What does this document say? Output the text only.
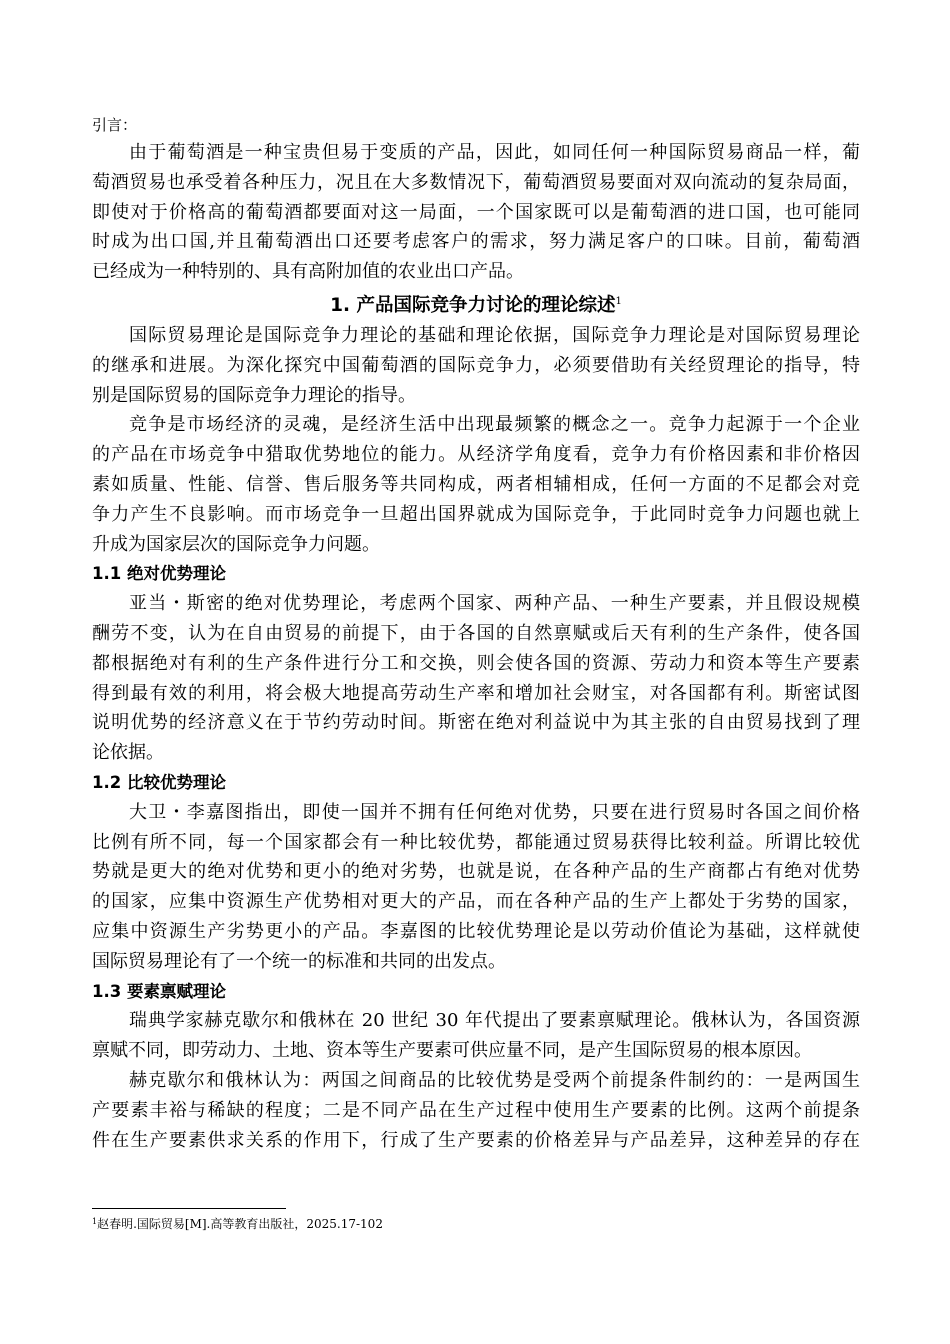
引言：
由于葡萄酒是一种宝贵但易于变质的产品，因此，如同任何一种国际贸易商品一样，葡
萄酒贸易也承受着各种压力，况且在大多数情况下，葡萄酒贸易要面对双向流动的复杂局面，
即使对于价格高的葡萄酒都要面对这一局面，一个国家既可以是葡萄酒的进口国，也可能同
时成为出口国,并且葡萄酒出口还要考虑客户的需求，努力满足客户的口味。目前，葡萄酒
已经成为一种特别的、具有高附加值的农业出口产品。
1. 产品国际竞争力讨论的理论综述$^1$
国际贸易理论是国际竞争力理论的基础和理论依据，国际竞争力理论是对国际贸易理论
的继承和进展。为深化探究中国葡萄酒的国际竞争力，必须要借助有关经贸理论的指导，特
别是国际贸易的国际竞争力理论的指导。
竞争是市场经济的灵魂，是经济生活中出现最频繁的概念之一。竞争力起源于一个企业
的产品在市场竞争中猎取优势地位的能力。从经济学角度看，竞争力有价格因素和非价格因
素如质量、性能、信誉、售后服务等共同构成，两者相辅相成，任何一方面的不足都会对竞
争力产生不良影响。而市场竞争一旦超出国界就成为国际竞争，于此同时竞争力问题也就上
升成为国家层次的国际竞争力问题。
1.1 绝对优势理论
亚当・斯密的绝对优势理论，考虑两个国家、两种产品、一种生产要素，并且假设规模
酬劳不变，认为在自由贸易的前提下，由于各国的自然禀赋或后天有利的生产条件，使各国
都根据绝对有利的生产条件进行分工和交换，则会使各国的资源、劳动力和资本等生产要素
得到最有效的利用，将会极大地提高劳动生产率和增加社会财宝，对各国都有利。斯密试图
说明优势的经济意义在于节约劳动时间。斯密在绝对利益说中为其主张的自由贸易找到了理
论依据。
1.2 比较优势理论
大卫・李嘉图指出，即使一国并不拥有任何绝对优势，只要在进行贸易时各国之间价格
比例有所不同，每一个国家都会有一种比较优势，都能通过贸易获得比较利益。所谓比较优
势就是更大的绝对优势和更小的绝对劣势，也就是说，在各种产品的生产商都占有绝对优势
的国家，应集中资源生产优势相对更大的产品，而在各种产品的生产上都处于劣势的国家，
应集中资源生产劣势更小的产品。李嘉图的比较优势理论是以劳动价值论为基础，这样就使
国际贸易理论有了一个统一的标准和共同的出发点。
1.3 要素禀赋理论
瑞典学家赫克歇尔和俄林在 20 世纪 30 年代提出了要素禀赋理论。俄林认为，各国资源
禀赋不同，即劳动力、土地、资本等生产要素可供应量不同，是产生国际贸易的根本原因。
赫克歇尔和俄林认为：两国之间商品的比较优势是受两个前提条件制约的：一是两国生
产要素丰裕与稀缺的程度；二是不同产品在生产过程中使用生产要素的比例。这两个前提条
件在生产要素供求关系的作用下，行成了生产要素的价格差异与产品差异，这种差异的存在
$^1$赵春明.国际贸易[M].高等教育出版社，2025.17-102
